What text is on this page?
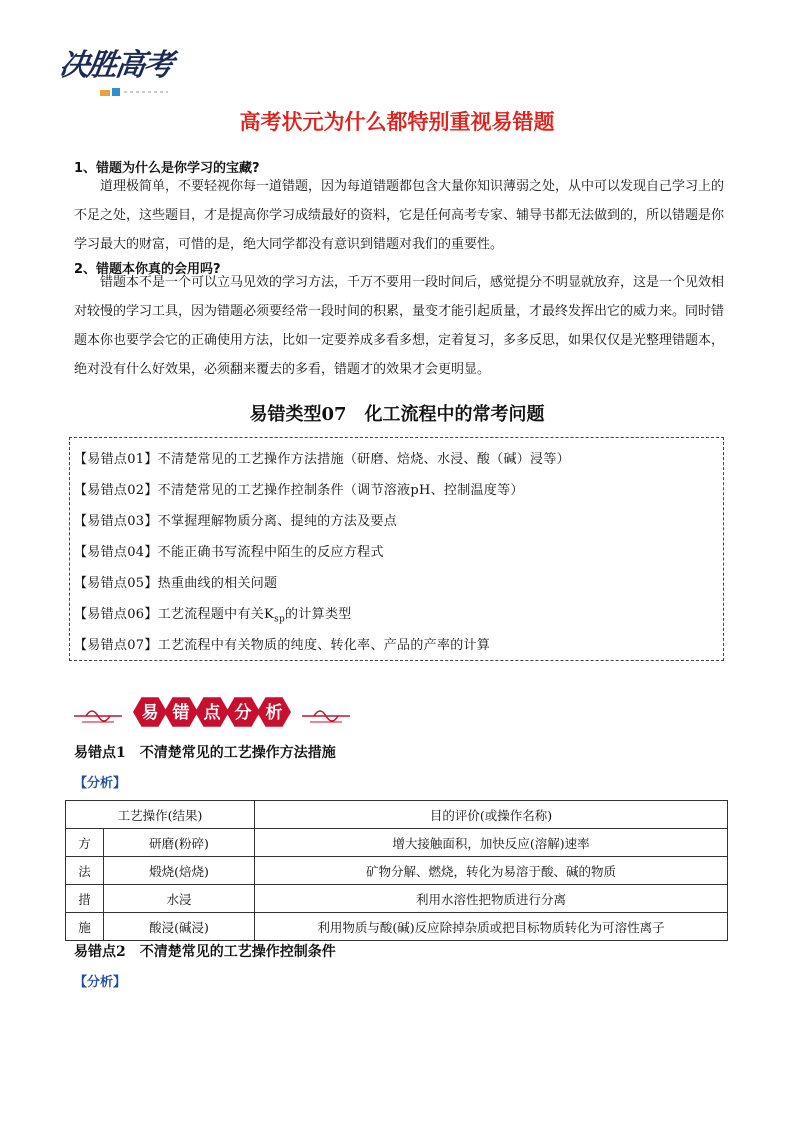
决胜高考
高考状元为什么都特别重视易错题
1、错题为什么是你学习的宝藏?
道理极简单，不要轻视你每一道错题，因为每道错题都包含大量你知识薄弱之处，从中可以发现自己学习上的不足之处，这些题目，才是提高你学习成绩最好的资料，它是任何高考专家、辅导书都无法做到的，所以错题是你学习最大的财富，可惜的是，绝大同学都没有意识到错题对我们的重要性。
2、错题本你真的会用吗?
错题本不是一个可以立马见效的学习方法，千万不要用一段时间后，感觉提分不明显就放弃，这是一个见效相对较慢的学习工具，因为错题必须要经常一段时间的积累，量变才能引起质量，才最终发挥出它的威力来。同时错题本你也要学会它的正确使用方法，比如一定要养成多看多想，定着复习，多多反思，如果仅仅是光整理错题本，绝对没有什么好效果，必须翻来覆去的多看，错题才的效果才会更明显。
易错类型07　化工流程中的常考问题
【易错点01】不清楚常见的工艺操作方法措施（研磨、焙烧、水浸、酸（碱）浸等）
【易错点02】不清楚常见的工艺操作控制条件（调节溶液pH、控制温度等）
【易错点03】不掌握理解物质分离、提纯的方法及要点
【易错点04】不能正确书写流程中陌生的反应方程式
【易错点05】热重曲线的相关问题
【易错点06】工艺流程题中有关$K_{sp}$的计算类型
【易错点07】工艺流程中有关物质的纯度、转化率、产品的产率的计算
易 错 点 分 析
易错点1　不清楚常见的工艺操作方法措施
【分析】
工艺操作(结果)		目的评价(或操作名称)
方	研磨(粉碎)	增大接触面积，加快反应(溶解)速率
法	煅烧(焙烧)	矿物分解、燃烧，转化为易溶于酸、碱的物质
措	水浸	利用水溶性把物质进行分离
施	酸浸(碱浸)	利用物质与酸(碱)反应除掉杂质或把目标物质转化为可溶性离子
易错点2　不清楚常见的工艺操作控制条件
【分析】
